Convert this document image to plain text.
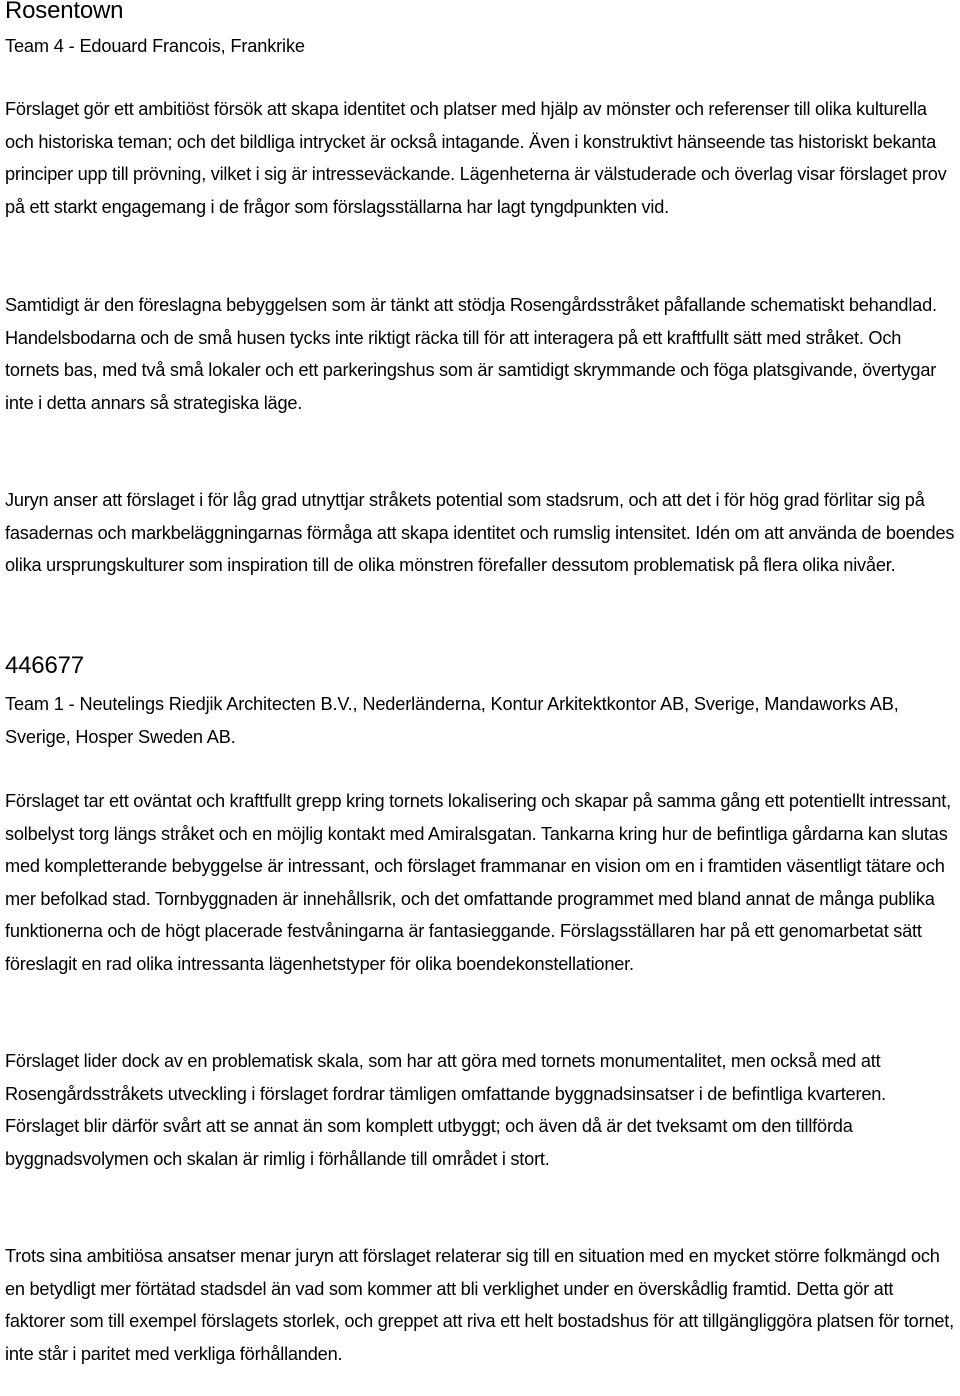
Rosentown

Team 4 - Edouard Francois, Frankrike

Förslaget gör ett ambitiöst försök att skapa identitet och platser med hjälp av mönster och referenser till olika kulturella och historiska teman; och det bildliga intrycket är också intagande. Även i konstruktivt hänseende tas historiskt bekanta principer upp till prövning, vilket i sig är intresseväckande. Lägenheterna är välstuderade och överlag visar förslaget prov på ett starkt engagemang i de frågor som förslagsställarna har lagt tyngdpunkten vid.

Samtidigt är den föreslagna bebyggelsen som är tänkt att stödja Rosengårdsstråket påfallande schematiskt behandlad. Handelsbodarna och de små husen tycks inte riktigt räcka till för att interagera på ett kraftfullt sätt med stråket. Och tornets bas, med två små lokaler och ett parkeringshus som är samtidigt skrymmande och föga platsgivande, övertygar inte i detta annars så strategiska läge.

Juryn anser att förslaget i för låg grad utnyttjar stråkets potential som stadsrum, och att det i för hög grad förlitar sig på fasadernas och markbeläggningarnas förmåga att skapa identitet och rumslig intensitet. Idén om att använda de boendes olika ursprungskulturer som inspiration till de olika mönstren förefaller dessutom problematisk på flera olika nivåer.

446677

Team 1 - Neutelings Riedjik Architecten B.V., Nederländerna, Kontur Arkitektkontor AB, Sverige, Mandaworks AB, Sverige, Hosper Sweden AB.

Förslaget tar ett oväntat och kraftfullt grepp kring tornets lokalisering och skapar på samma gång ett potentiellt intressant, solbelyst torg längs stråket och en möjlig kontakt med Amiralsgatan. Tankarna kring hur de befintliga gårdarna kan slutas med kompletterande bebyggelse är intressant, och förslaget frammanar en vision om en i framtiden väsentligt tätare och mer befolkad stad. Tornbyggnaden är innehållsrik, och det omfattande programmet med bland annat de många publika funktionerna och de högt placerade festvåningarna är fantasieggande. Förslagsställaren har på ett genomarbetat sätt föreslagit en rad olika intressanta lägenhetstyper för olika boendekonstellationer.

Förslaget lider dock av en problematisk skala, som har att göra med tornets monumentalitet, men också med att Rosengårdsstråkets utveckling i förslaget fordrar tämligen omfattande byggnadsinsatser i de befintliga kvarteren. Förslaget blir därför svårt att se annat än som komplett utbyggt; och även då är det tveksamt om den tillförda byggnadsvolymen och skalan är rimlig i förhållande till området i stort.

Trots sina ambitiösa ansatser menar juryn att förslaget relaterar sig till en situation med en mycket större folkmängd och en betydligt mer förtätad stadsdel än vad som kommer att bli verklighet under en överskådlig framtid. Detta gör att faktorer som till exempel förslagets storlek, och greppet att riva ett helt bostadshus för att tillgängliggöra platsen för tornet, inte står i paritet med verkliga förhållanden.
